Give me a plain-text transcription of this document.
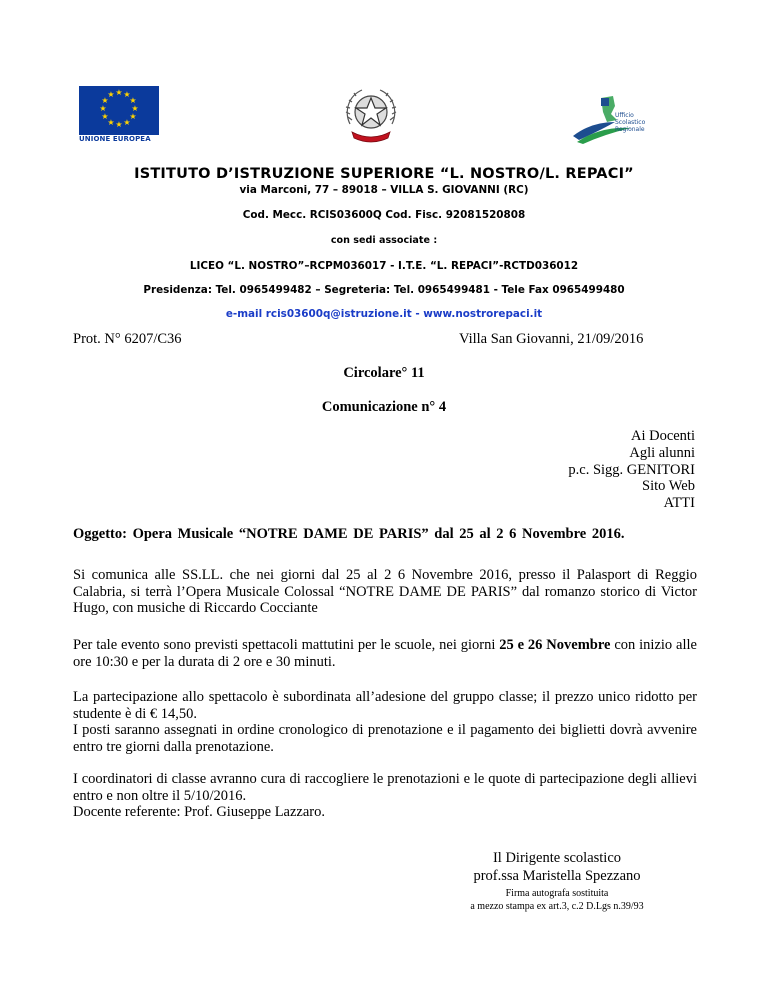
★ ★
★
★
★
★
★
★
★
★
★
★
UNIONE EUROPEA
Ufficio
Scolastico
Regionale
ISTITUTO D’ISTRUZIONE SUPERIORE “L. NOSTRO/L. REPACI”
via Marconi, 77 – 89018 – VILLA S. GIOVANNI (RC)
Cod. Mecc. RCIS03600Q Cod. Fisc. 92081520808
con sedi associate :
LICEO “L. NOSTRO”–RCPM036017 - I.T.E. “L. REPACI”-RCTD036012
Presidenza: Tel. 0965499482 – Segreteria: Tel. 0965499481 - Tele Fax 0965499480
e-mail rcis03600q@istruzione.it - www.nostrorepaci.it
Prot. N° 6207/C36	Villa San Giovanni, 21/09/2016
Circolare° 11
Comunicazione n° 4
Ai Docenti
Agli alunni
p.c. Sigg. GENITORI
Sito Web
ATTI
Oggetto: Opera Musicale “NOTRE DAME DE PARIS” dal 25 al 2 6 Novembre 2016.
Si comunica alle SS.LL. che nei giorni dal 25 al 2 6 Novembre 2016, presso il Palasport di Reggio Calabria, si terrà l’Opera Musicale Colossal “NOTRE DAME DE PARIS” dal romanzo storico di Victor Hugo, con musiche di Riccardo Cocciante
Per tale evento sono previsti spettacoli mattutini per le scuole, nei giorni 25 e 26 Novembre con inizio alle ore 10:30 e per la durata di 2 ore e 30 minuti.
La partecipazione allo spettacolo è subordinata all’adesione del gruppo classe; il prezzo unico ridotto per studente è di € 14,50.
I posti saranno assegnati in ordine cronologico di prenotazione e il pagamento dei biglietti dovrà avvenire entro tre giorni dalla prenotazione.
I coordinatori di classe avranno cura di raccogliere le prenotazioni e le quote di partecipazione degli allievi entro e non oltre il 5/10/2016.
Docente referente: Prof. Giuseppe Lazzaro.
Il Dirigente scolastico
prof.ssa Maristella Spezzano
Firma autografa sostituita
a mezzo stampa ex art.3, c.2 D.Lgs n.39/93
